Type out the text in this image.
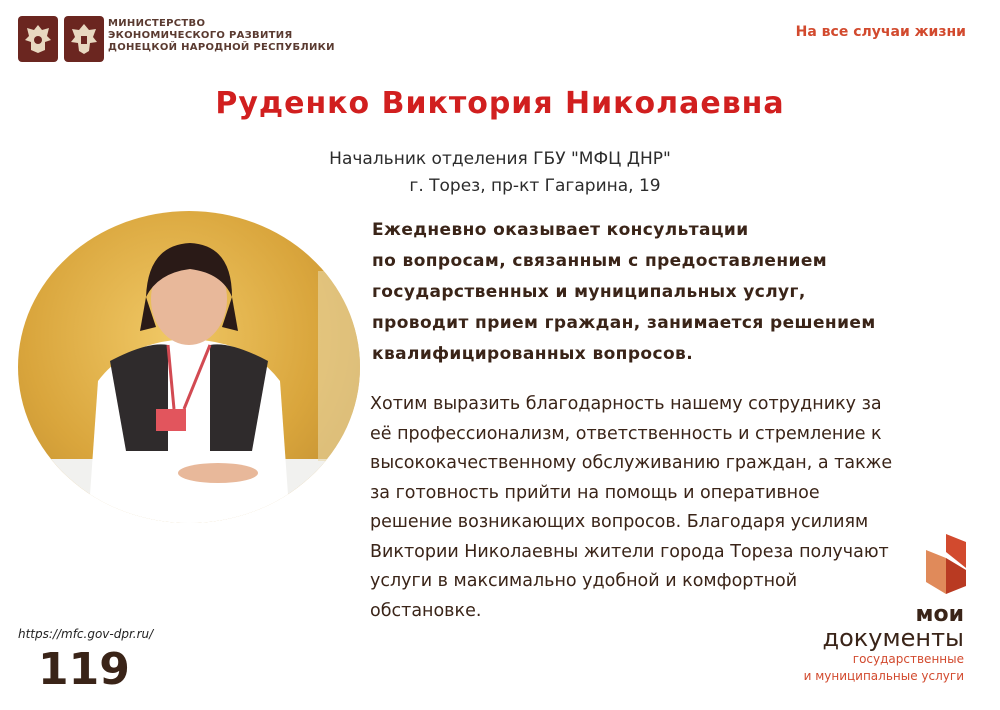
МИНИСТЕРСТВО
ЭКОНОМИЧЕСКОГО РАЗВИТИЯ
ДОНЕЦКОЙ НАРОДНОЙ РЕСПУБЛИКИ
На все случаи жизни
Руденко Виктория Николаевна
Начальник отделения ГБУ "МФЦ ДНР"
г. Торез, пр-кт Гагарина, 19
Ежедневно оказывает консультации
по вопросам, связанным с предоставлением
государственных и муниципальных услуг,
проводит прием граждан, занимается решением
квалифицированных вопросов.
Хотим выразить благодарность нашему сотруднику за
её профессионализм, ответственность и стремление к
высококачественному обслуживанию граждан, а также
за готовность прийти на помощь и оперативное
решение возникающих вопросов. Благодаря усилиям
Виктории Николаевны жители города Тореза получают
услуги в максимально удобной и комфортной
обстановке.
https://mfc.gov-dpr.ru/
119
мои
документы
государственные
и муниципальные услуги
